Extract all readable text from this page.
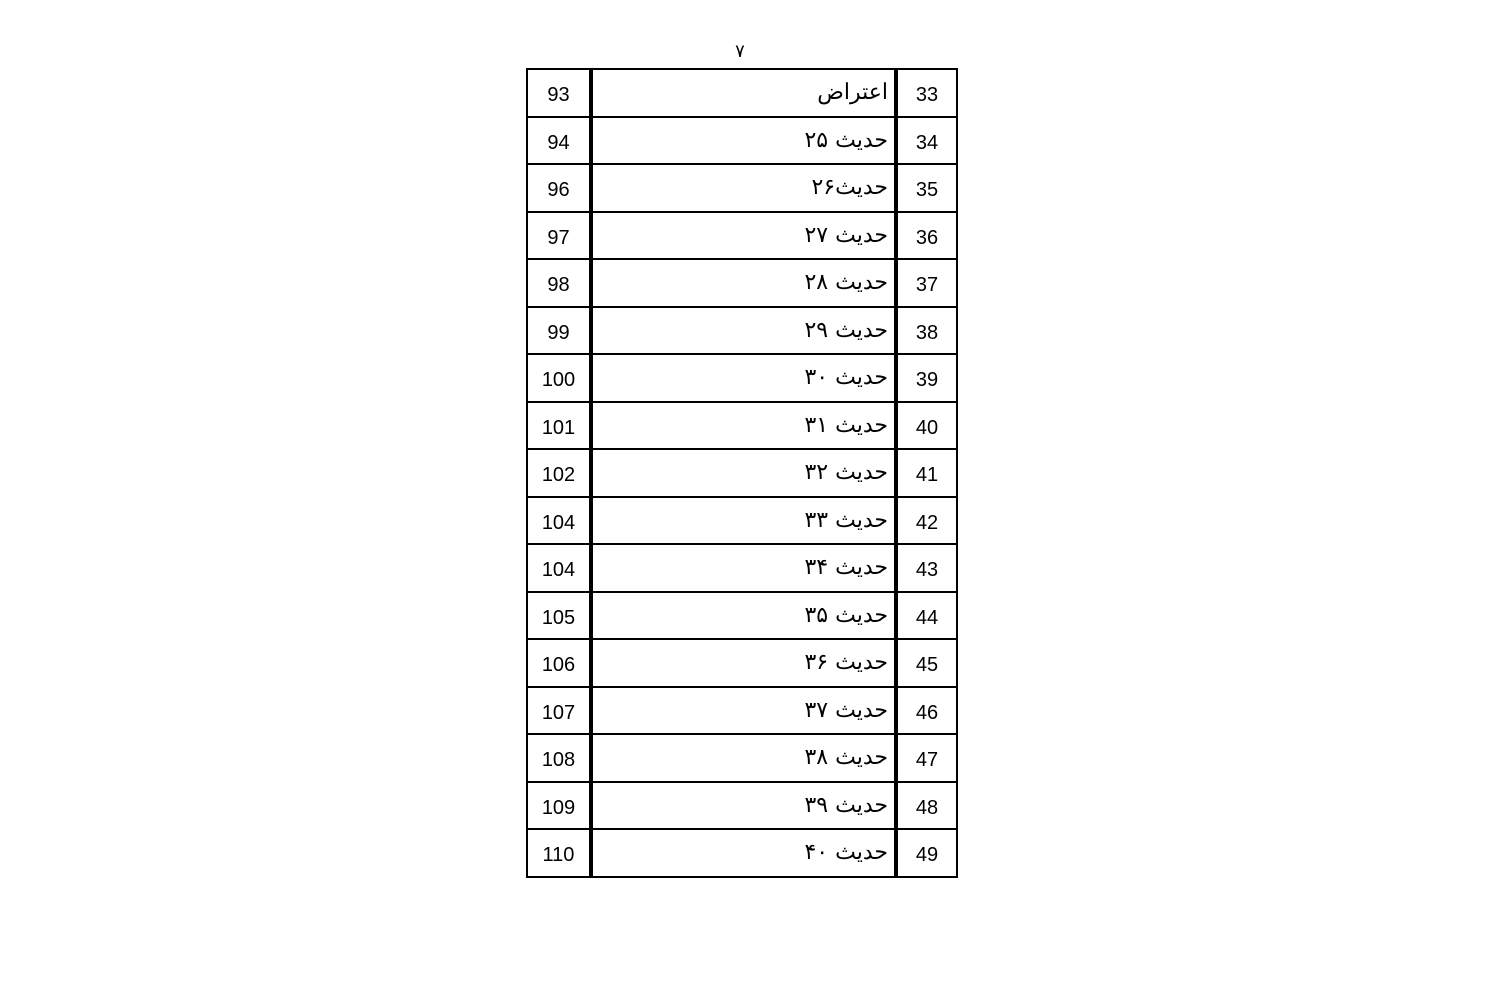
۷
93	اعتراض	33
94	حدیث ۲۵	34
96	حدیث۲۶	35
97	حدیث ۲۷	36
98	حدیث ۲۸	37
99	حدیث ۲۹	38
100	حدیث ۳۰	39
101	حدیث ۳۱	40
102	حدیث ۳۲	41
104	حدیث ۳۳	42
104	حدیث ۳۴	43
105	حدیث ۳۵	44
106	حدیث ۳۶	45
107	حدیث ۳۷	46
108	حدیث ۳۸	47
109	حدیث ۳۹	48
110	حدیث ۴۰	49
